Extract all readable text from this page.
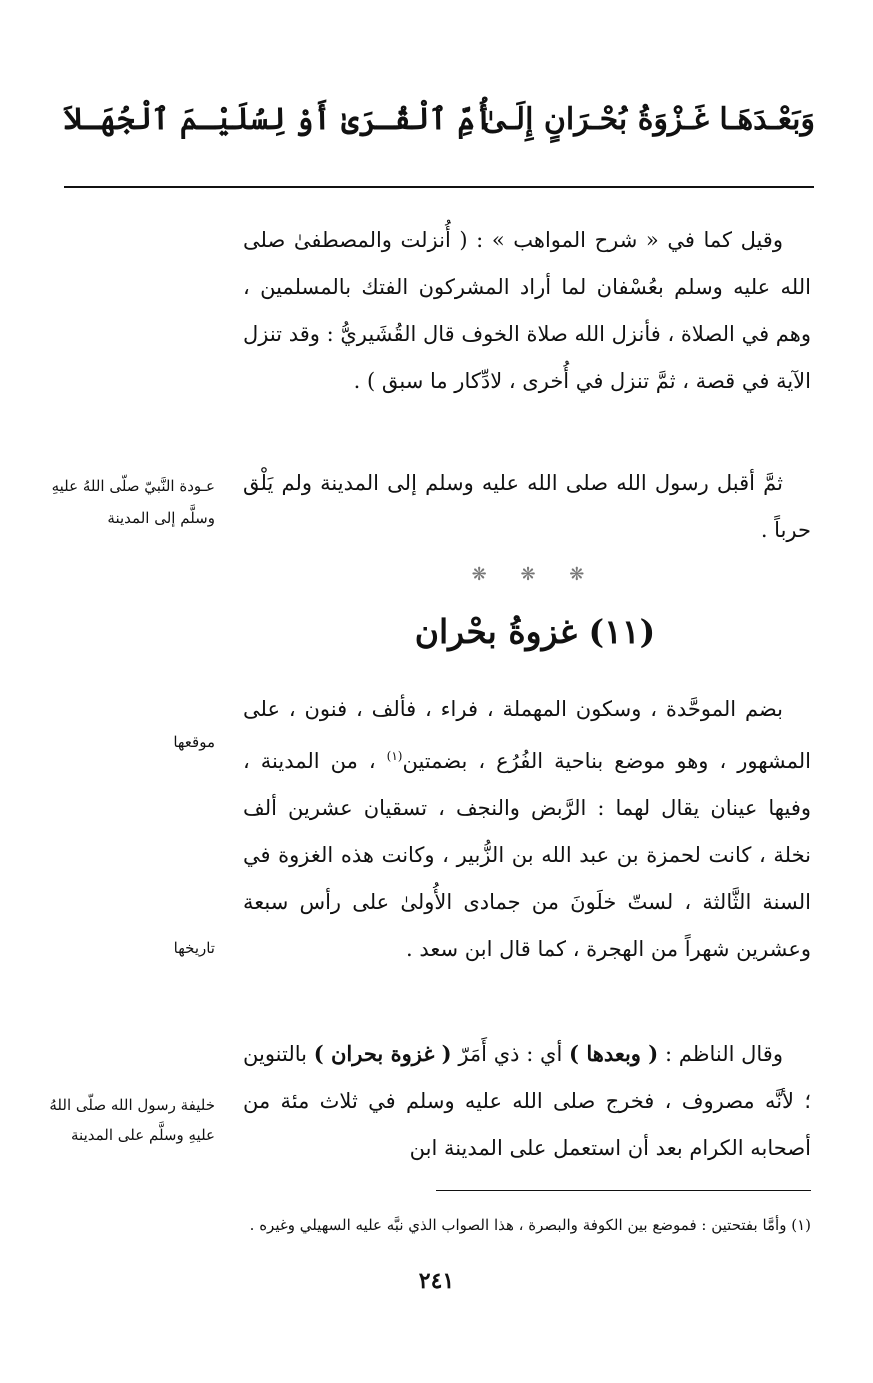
وَبَعْـدَهَـا غَـزْوَةُ بُحْـرَانٍ إِلَـىٰ
أُمِّ ٱلْقُـرَىٰ أَوْ لِسُلَيْـمَ ٱلْجُهَـلاَ
وقيل كما في « شرح المواهب » : ( أُنزلت والمصطفىٰ صلى الله عليه وسلم بعُسْفان لما أراد المشركون الفتك بالمسلمين ، وهم في الصلاة ، فأنزل الله صلاة الخوف قال القُشَيريُّ : وقد تنزل الآية في قصة ، ثمَّ تنزل في أُخرى ، لادِّكار ما سبق ) .
ثمَّ أقبل رسول الله صلى الله عليه وسلم إلى المدينة ولم يَلْق حرباً .
❋ ❋ ❋
(١١) غزوةُ بحْران
بضم الموحَّدة ، وسكون المهملة ، فراء ، فألف ، فنون ، على المشهور ، وهو موضع بناحية الفُرُع ، بضمتين$^{(١)}$ ، من المدينة ، وفيها عينان يقال لهما : الرَّبض والنجف ، تسقيان عشرين ألف نخلة ، كانت لحمزة بن عبد الله بن الزُّبير ، وكانت هذه الغزوة في السنة الثَّالثة ، لستّ خلَونَ من جمادى الأُولىٰ على رأس سبعة وعشرين شهراً من الهجرة ، كما قال ابن سعد .
وقال الناظم : ( وبعدها ) أي : ذي أَمَرّ ( غزوة بحران ) بالتنوين ؛ لأنَّه مصروف ، فخرج صلى الله عليه وسلم في ثلاث مئة من أصحابه الكرام بعد أن استعمل على المدينة ابن
عـودة النَّبيّ صلّى اللهُ عليهِ وسلَّم إلى المدينة
موقعها
تاريخها
خليفة رسول الله صلّى اللهُ عليهِ وسلَّم على المدينة
(١) وأمَّا بفتحتين : فموضع بين الكوفة والبصرة ، هذا الصواب الذي نبَّه عليه السهيلي وغيره .
٢٤١
